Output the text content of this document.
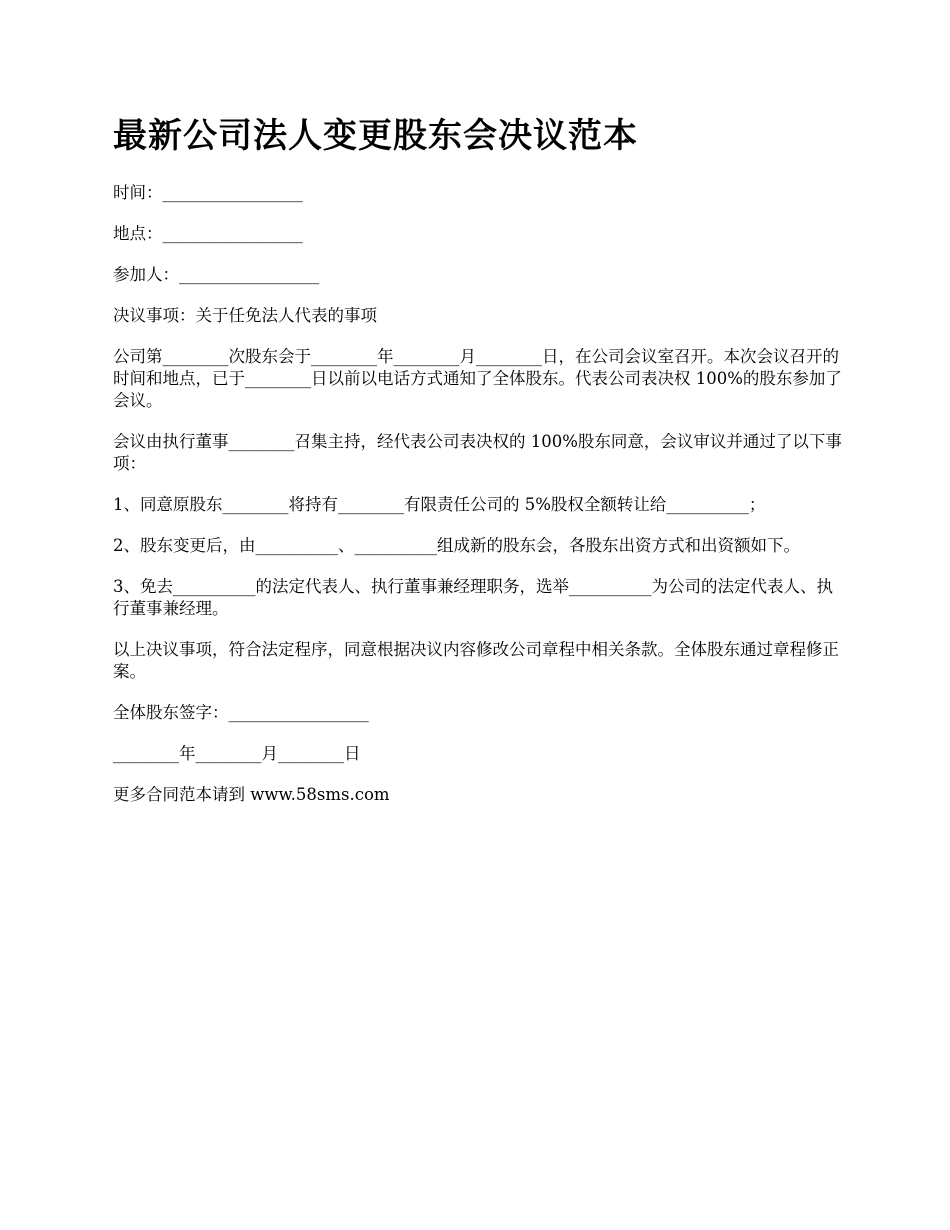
最新公司法人变更股东会决议范本

时间：_________________

地点：_________________

参加人：_________________

决议事项：关于任免法人代表的事项

公司第________次股东会于________年________月________日，在公司会议室召开。本次会议召开的时间和地点，已于________日以前以电话方式通知了全体股东。代表公司表决权 100%的股东参加了会议。

会议由执行董事________召集主持，经代表公司表决权的 100%股东同意，会议审议并通过了以下事项：

1、同意原股东________将持有________有限责任公司的 5%股权全额转让给__________；

2、股东变更后，由__________、__________组成新的股东会，各股东出资方式和出资额如下。

3、免去__________的法定代表人、执行董事兼经理职务，选举__________为公司的法定代表人、执行董事兼经理。

以上决议事项，符合法定程序，同意根据决议内容修改公司章程中相关条款。全体股东通过章程修正案。

全体股东签字：_________________

________年________月________日

更多合同范本请到 www.58sms.com
